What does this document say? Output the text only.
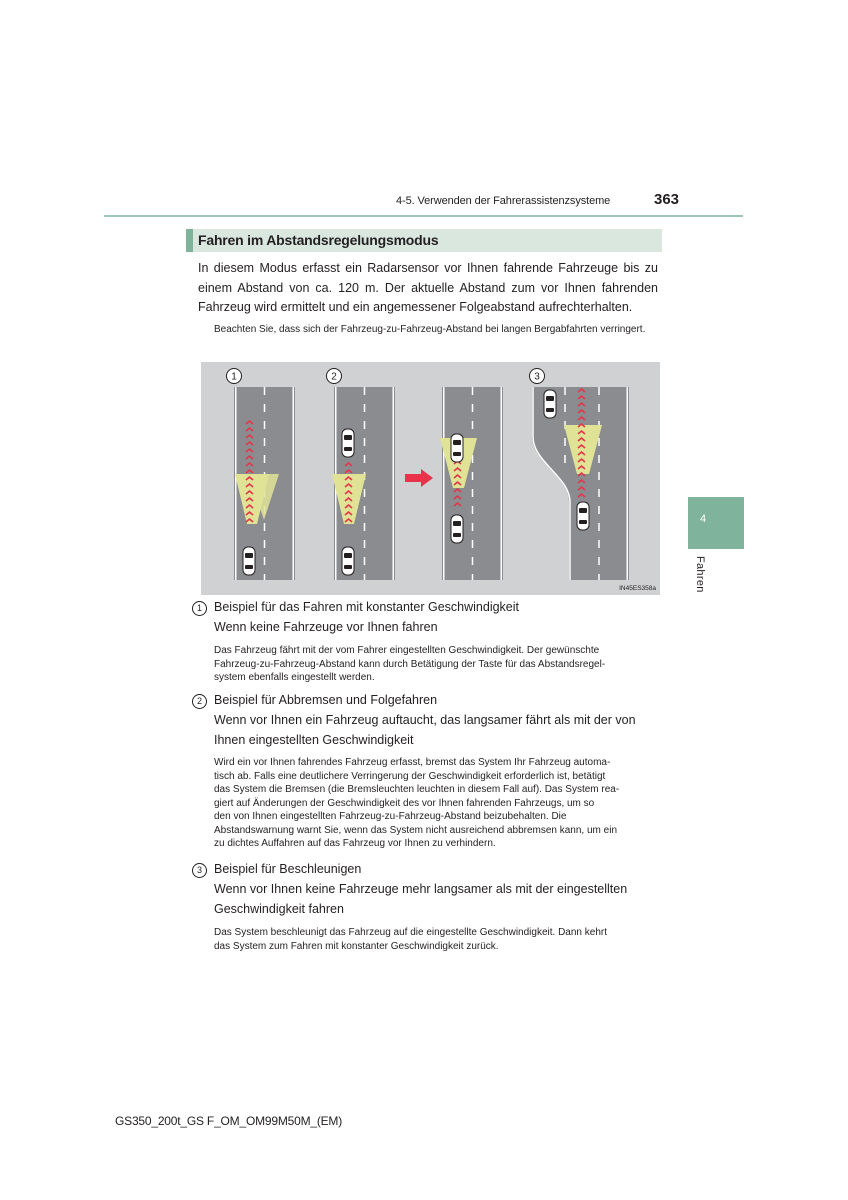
4-5. Verwenden der Fahrerassistenzsysteme	363
4
Fahren
Fahren im Abstandsregelungsmodus
In diesem Modus erfasst ein Radarsensor vor Ihnen fahrende Fahrzeuge bis zu einem Abstand von ca. 120 m. Der aktuelle Abstand zum vor Ihnen fahrenden Fahrzeug wird ermittelt und ein angemessener Folgeabstand aufrechterhalten.
Beachten Sie, dass sich der Fahrzeug-zu-Fahrzeug-Abstand bei langen Bergabfahrten verringert.
1	2	3
IN45ES358a
1 Beispiel für das Fahren mit konstanter Geschwindigkeit
Wenn keine Fahrzeuge vor Ihnen fahren
Das Fahrzeug fährt mit der vom Fahrer eingestellten Geschwindigkeit. Der gewünschte
Fahrzeug-zu-Fahrzeug-Abstand kann durch Betätigung der Taste für das Abstandsregel-
system ebenfalls eingestellt werden.
2 Beispiel für Abbremsen und Folgefahren
Wenn vor Ihnen ein Fahrzeug auftaucht, das langsamer fährt als mit der von
Ihnen eingestellten Geschwindigkeit
Wird ein vor Ihnen fahrendes Fahrzeug erfasst, bremst das System Ihr Fahrzeug automa-
tisch ab. Falls eine deutlichere Verringerung der Geschwindigkeit erforderlich ist, betätigt
das System die Bremsen (die Bremsleuchten leuchten in diesem Fall auf). Das System rea-
giert auf Änderungen der Geschwindigkeit des vor Ihnen fahrenden Fahrzeugs, um so
den von Ihnen eingestellten Fahrzeug-zu-Fahrzeug-Abstand beizubehalten. Die
Abstandswarnung warnt Sie, wenn das System nicht ausreichend abbremsen kann, um ein
zu dichtes Auffahren auf das Fahrzeug vor Ihnen zu verhindern.
3 Beispiel für Beschleunigen
Wenn vor Ihnen keine Fahrzeuge mehr langsamer als mit der eingestellten
Geschwindigkeit fahren
Das System beschleunigt das Fahrzeug auf die eingestellte Geschwindigkeit. Dann kehrt
das System zum Fahren mit konstanter Geschwindigkeit zurück.
GS350_200t_GS F_OM_OM99M50M_(EM)
